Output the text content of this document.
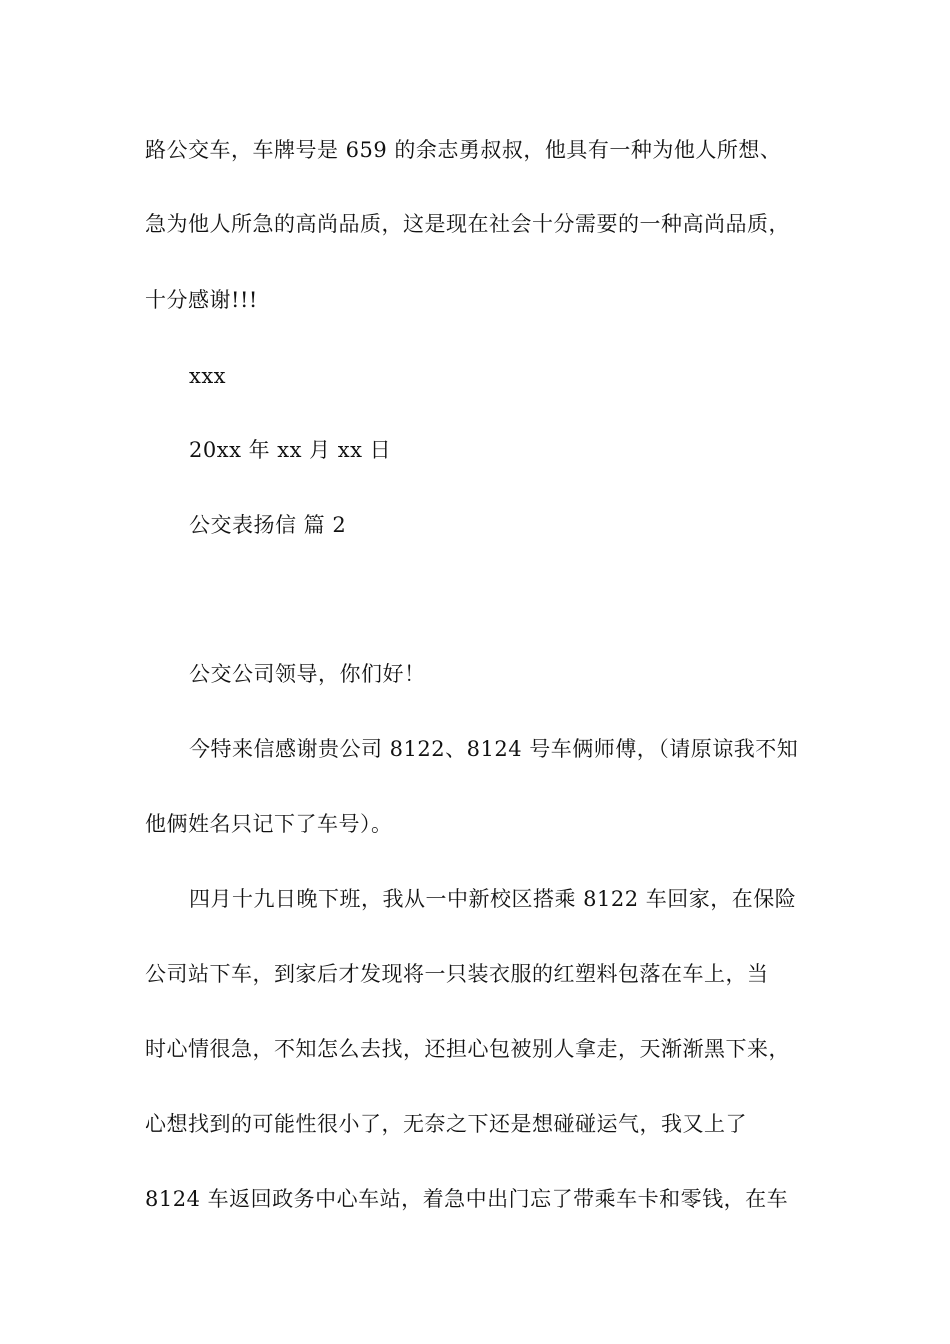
路公交车，车牌号是 659 的余志勇叔叔，他具有一种为他人所想、
急为他人所急的高尚品质，这是现在社会十分需要的一种高尚品质，
十分感谢!!!
xxx
20xx 年 xx 月 xx 日
公交表扬信 篇 2
公交公司领导，你们好！
今特来信感谢贵公司 8122、8124 号车俩师傅，（请原谅我不知
他俩姓名只记下了车号）。
四月十九日晚下班，我从一中新校区搭乘 8122 车回家，在保险
公司站下车，到家后才发现将一只装衣服的红塑料包落在车上，当
时心情很急，不知怎么去找，还担心包被别人拿走，天渐渐黑下来，
心想找到的可能性很小了，无奈之下还是想碰碰运气，我又上了
8124 车返回政务中心车站，着急中出门忘了带乘车卡和零钱，在车
